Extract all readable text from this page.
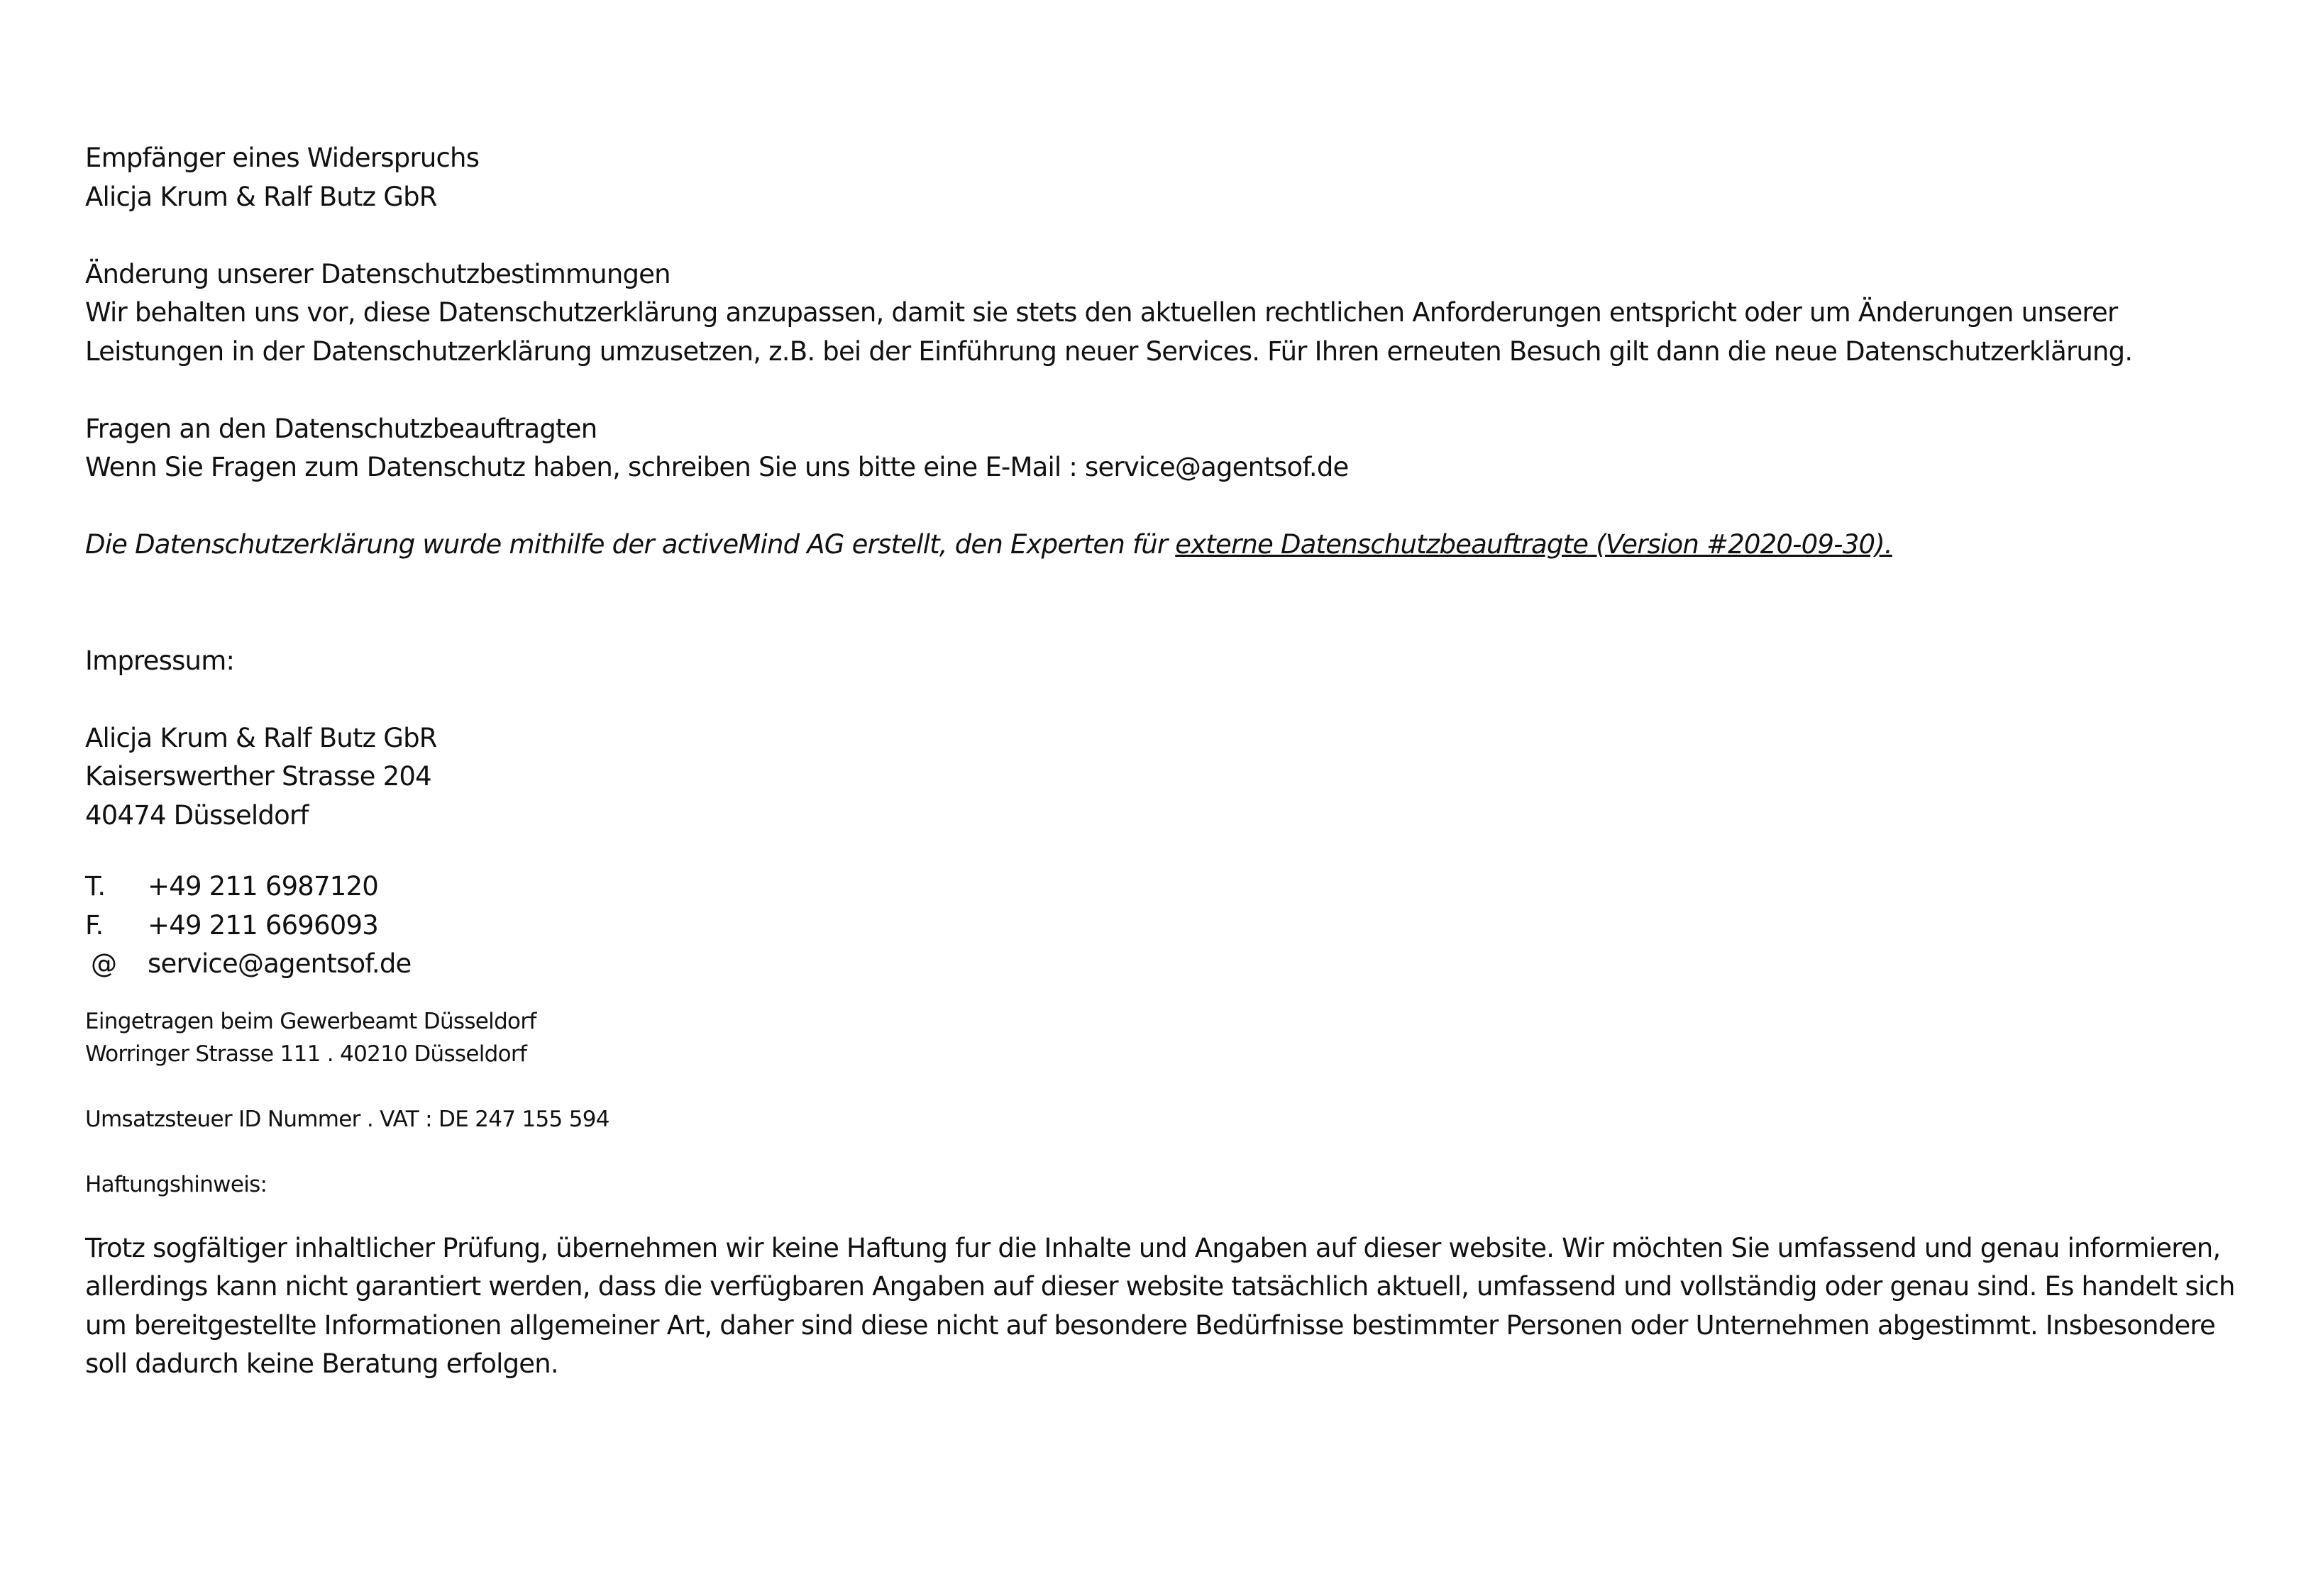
Empfänger eines Widerspruchs
Alicja Krum & Ralf Butz GbR
Änderung unserer Datenschutzbestimmungen
Wir behalten uns vor, diese Datenschutzerklärung anzupassen, damit sie stets den aktuellen rechtlichen Anforderungen entspricht oder um Änderungen unserer Leistungen in der Datenschutzerklärung umzusetzen, z.B. bei der Einführung neuer Services. Für Ihren erneuten Besuch gilt dann die neue Datenschutzerklärung.
Fragen an den Datenschutzbeauftragten
Wenn Sie Fragen zum Datenschutz haben, schreiben Sie uns bitte eine E-Mail : service@agentsof.de

Die Datenschutzerklärung wurde mithilfe der activeMind AG erstellt, den Experten für externe Datenschutzbeauftragte (Version #2020-09-30).

Impressum:
Alicja Krum & Ralf Butz GbR
Kaiserswerther Strasse 204
40474 Düsseldorf
T.	+49 211 6987120
F.	+49 211 6696093
@	service@agentsof.de
Eingetragen beim Gewerbeamt Düsseldorf
Worringer Strasse 111 . 40210 Düsseldorf
Umsatzsteuer ID Nummer . VAT : DE 247 155 594
Haftungshinweis:
Trotz sogfältiger inhaltlicher Prüfung, übernehmen wir keine Haftung fur die Inhalte und Angaben auf dieser website. Wir möchten Sie umfassend und genau informieren, allerdings kann nicht garantiert werden, dass die verfügbaren Angaben auf dieser website tatsächlich aktuell, umfassend und vollständig oder genau sind. Es handelt sich um bereitgestellte Informationen allgemeiner Art, daher sind diese nicht auf besondere Bedürfnisse bestimmter Personen oder Unternehmen abgestimmt. Insbesondere soll dadurch keine Beratung erfolgen.
